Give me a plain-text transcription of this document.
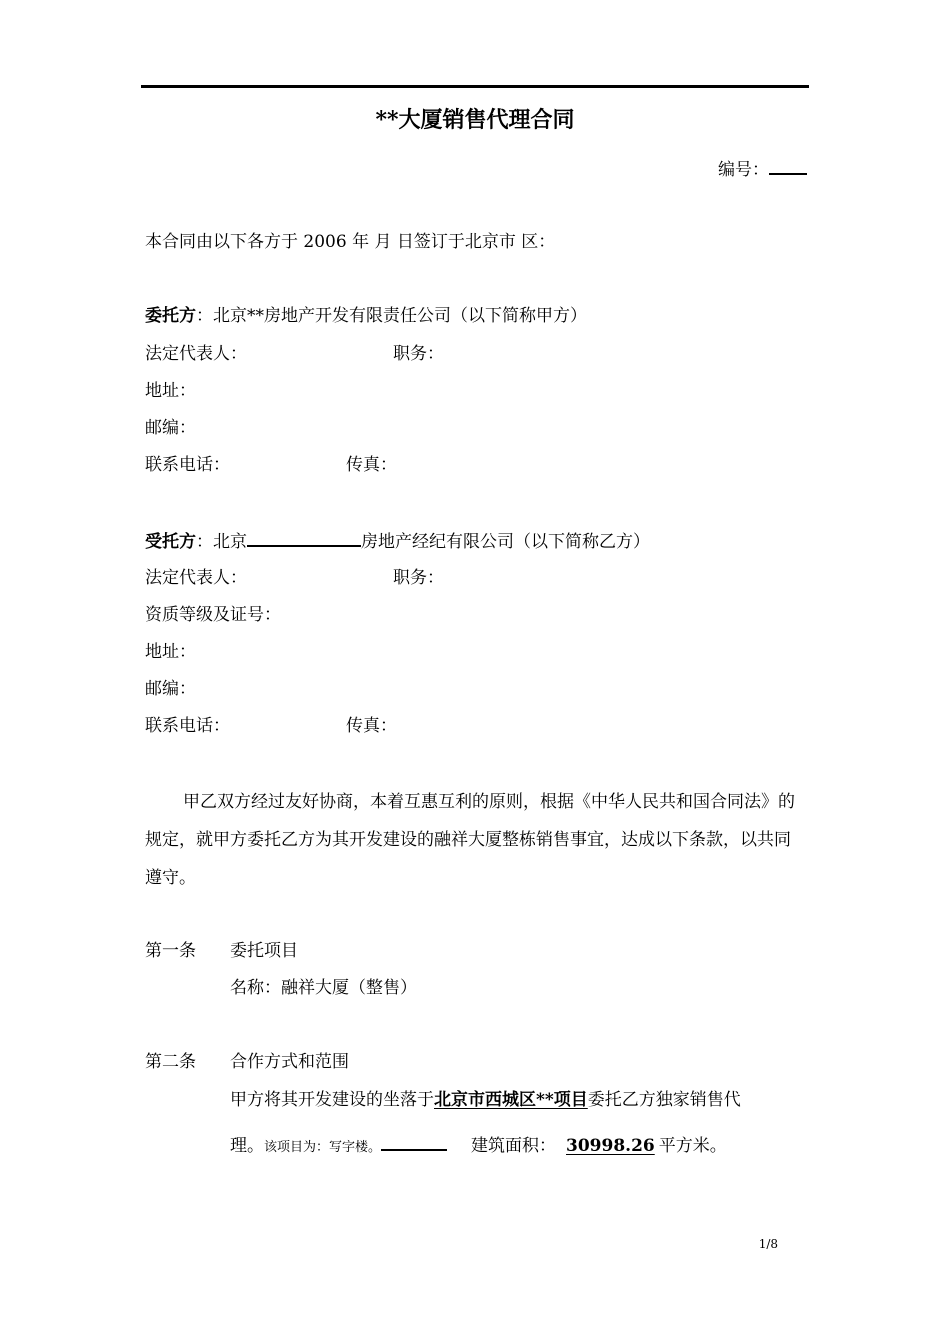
**大厦销售代理合同
编号：
本合同由以下各方于 2006 年 月 日签订于北京市 区：
委托方：北京**房地产开发有限责任公司（以下简称甲方）
法定代表人：	职务：
地址：
邮编：
联系电话：	传真：
受托方：北京	房地产经纪有限公司（以下简称乙方）
法定代表人：	职务：
资质等级及证号：
地址：
邮编：
联系电话：	传真：
甲乙双方经过友好协商，本着互惠互利的原则，根据《中华人民共和国合同法》的规定，就甲方委托乙方为其开发建设的融祥大厦整栋销售事宜，达成以下条款，以共同遵守。
第一条 委托项目
名称：融祥大厦（整售）
第二条 合作方式和范围
甲方将其开发建设的坐落于北京市西城区**项目委托乙方独家销售代
理。该项目为：写字楼。	建筑面积： 30998.26 平方米。
1/8
